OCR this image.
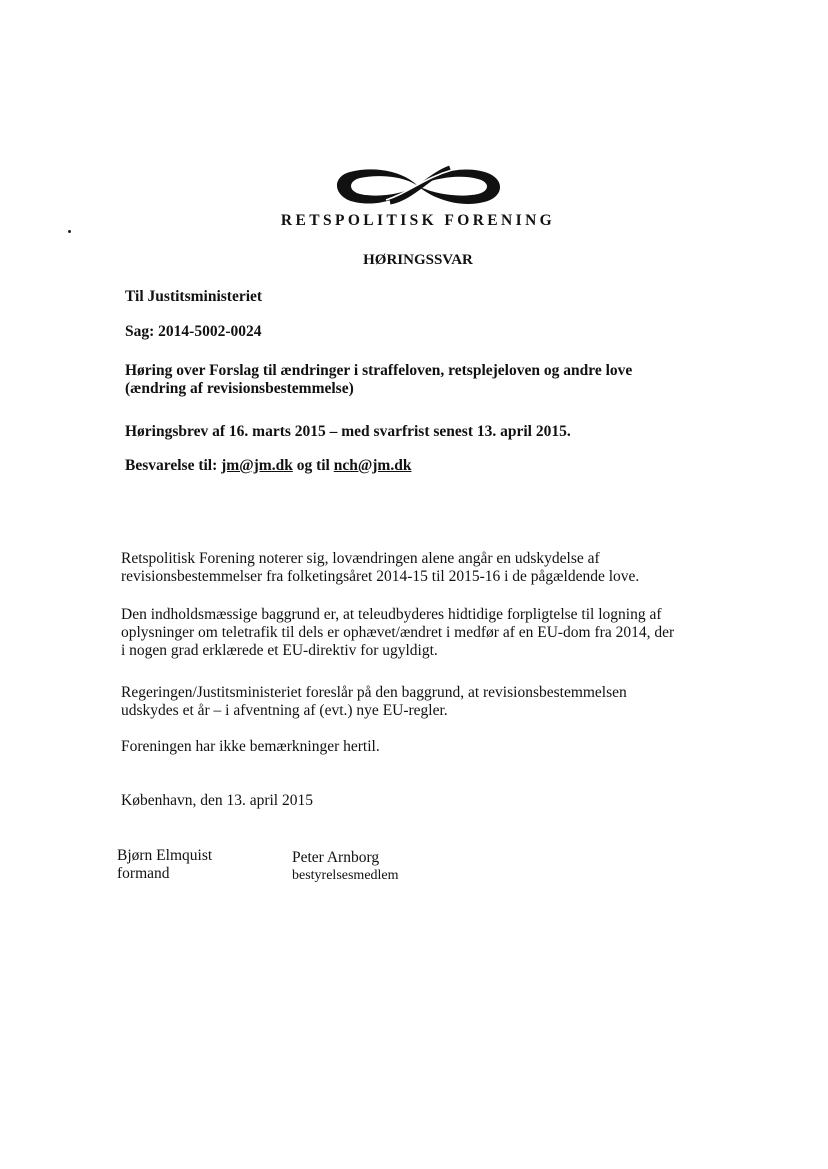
RETSPOLITISK FORENING
HØRINGSSVAR
Til Justitsministeriet
Sag: 2014-5002-0024
Høring over Forslag til ændringer i straffeloven, retsplejeloven og andre love
(ændring af revisionsbestemmelse)
Høringsbrev af 16. marts 2015 – med svarfrist senest 13. april 2015.
Besvarelse til: jm@jm.dk og til nch@jm.dk
Retspolitisk Forening noterer sig, lovændringen alene angår en udskydelse af
revisionsbestemmelser fra folketingsåret 2014-15 til 2015-16 i de pågældende love.
Den indholdsmæssige baggrund er, at teleudbyderes hidtidige forpligtelse til logning af
oplysninger om teletrafik til dels er ophævet/ændret i medfør af en EU-dom fra 2014, der
i nogen grad erklærede et EU-direktiv for ugyldigt.
Regeringen/Justitsministeriet foreslår på den baggrund, at revisionsbestemmelsen
udskydes et år – i afventning af (evt.) nye EU-regler.
Foreningen har ikke bemærkninger hertil.
København, den 13. april 2015
Bjørn Elmquist
formand
Peter Arnborg
bestyrelsesmedlem
